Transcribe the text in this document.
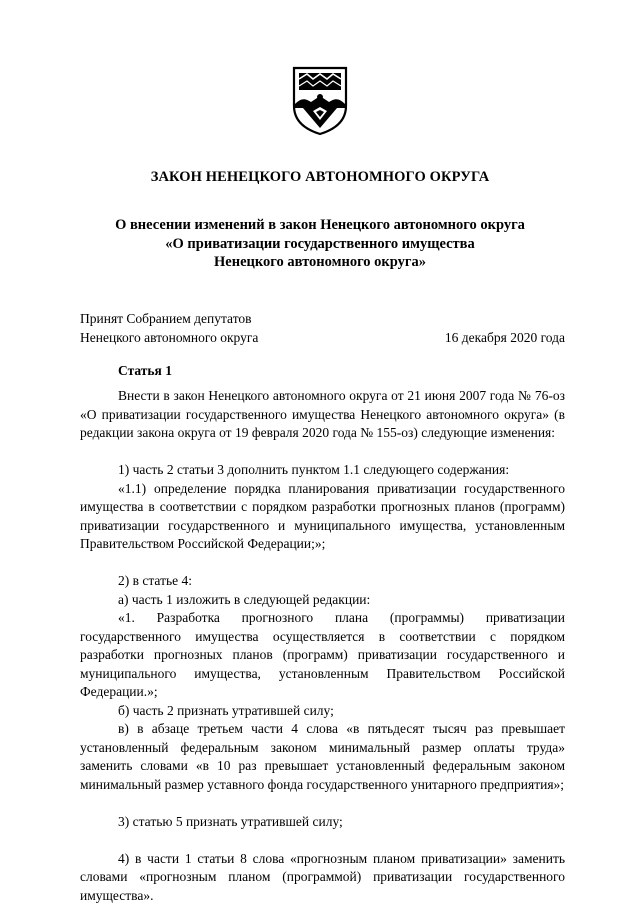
ЗАКОН НЕНЕЦКОГО АВТОНОМНОГО ОКРУГА
О внесении изменений в закон Ненецкого автономного округа
«О приватизации государственного имущества
Ненецкого автономного округа»
Принят Собранием депутатов
Ненецкого автономного округа	16 декабря 2020 года
Статья 1

Внести в закон Ненецкого автономного округа от 21 июня 2007 года № 76-оз «О приватизации государственного имущества Ненецкого автономного округа» (в редакции закона округа от 19 февраля 2020 года № 155-оз) следующие изменения:

1) часть 2 статьи 3 дополнить пунктом 1.1 следующего содержания:

«1.1) определение порядка планирования приватизации государственного имущества в соответствии с порядком разработки прогнозных планов (программ) приватизации государственного и муниципального имущества, установленным Правительством Российской Федерации;»;

2) в статье 4:

а) часть 1 изложить в следующей редакции:

«1. Разработка прогнозного плана (программы) приватизации государственного имущества осуществляется в соответствии с порядком разработки прогнозных планов (программ) приватизации государственного и муниципального имущества, установленным Правительством Российской Федерации.»;

б) часть 2 признать утратившей силу;

в) в абзаце третьем части 4 слова «в пятьдесят тысяч раз превышает установленный федеральным законом минимальный размер оплаты труда» заменить словами «в 10 раз превышает установленный федеральным законом минимальный размер уставного фонда государственного унитарного предприятия»;

3) статью 5 признать утратившей силу;

4) в части 1 статьи 8 слова «прогнозным планом приватизации» заменить словами «прогнозным планом (программой) приватизации государственного имущества».
